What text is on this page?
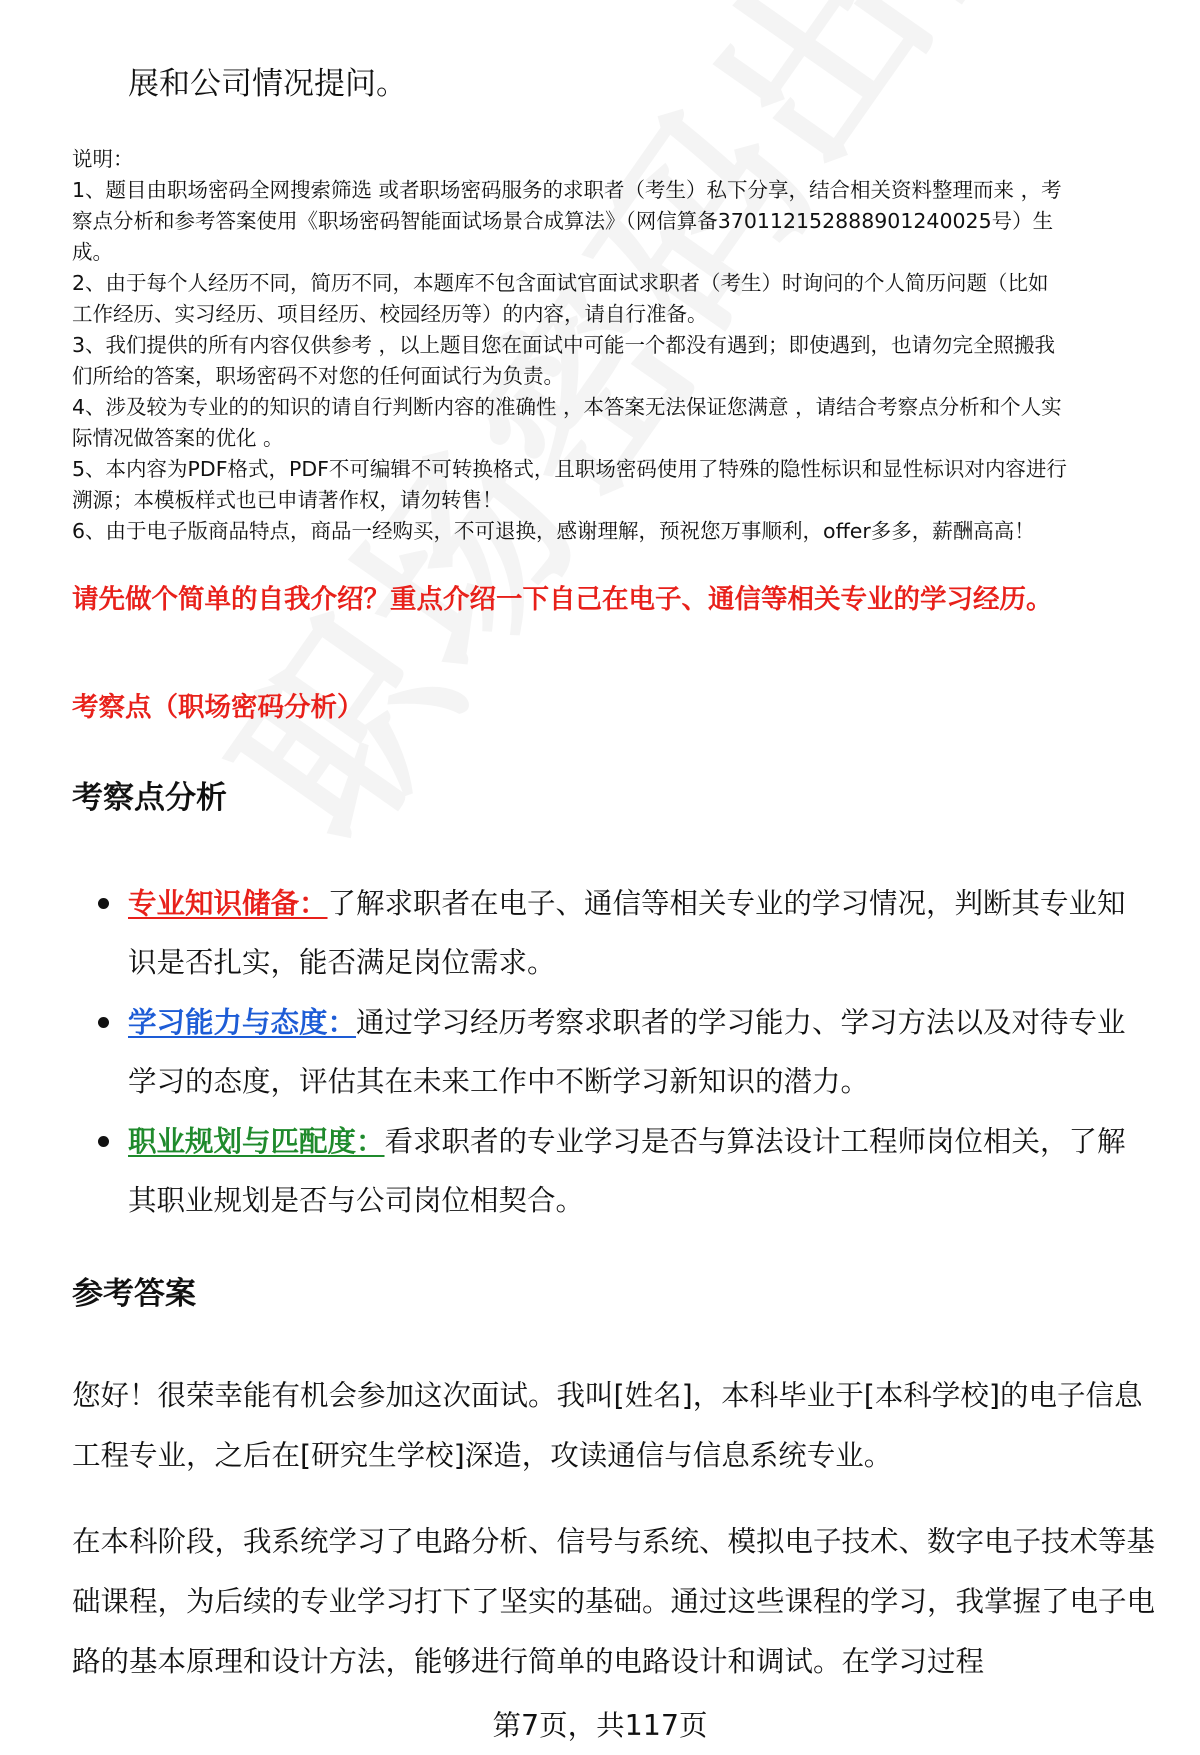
展和公司情况提问。
说明：
1、题目由职场密码全网搜索筛选 或者职场密码服务的求职者（考生）私下分享，结合相关资料整理而来 ，考
察点分析和参考答案使用《职场密码智能面试场景合成算法》（网信算备370112152888901240025号）生
成。
2、由于每个人经历不同，简历不同，本题库不包含面试官面试求职者（考生）时询问的个人简历问题（比如
工作经历、实习经历、项目经历、校园经历等）的内容，请自行准备。
3、我们提供的所有内容仅供参考 ，以上题目您在面试中可能一个都没有遇到；即使遇到，也请勿完全照搬我
们所给的答案，职场密码不对您的任何面试行为负责。
4、涉及较为专业的的知识的请自行判断内容的准确性 ，本答案无法保证您满意 ，请结合考察点分析和个人实
际情况做答案的优化 。
5、本内容为PDF格式，PDF不可编辑不可转换格式，且职场密码使用了特殊的隐性标识和显性标识对内容进行
溯源；本模板样式也已申请著作权，请勿转售！
6、由于电子版商品特点，商品一经购买，不可退换，感谢理解，预祝您万事顺利，offer多多，薪酬高高！
请先做个简单的自我介绍？重点介绍一下自己在电子、通信等相关专业的学习经历。
考察点（职场密码分析）
考察点分析
专业知识储备：了解求职者在电子、通信等相关专业的学习情况，判断其专业知识是否扎实，能否满足岗位需求。
学习能力与态度：通过学习经历考察求职者的学习能力、学习方法以及对待专业学习的态度，评估其在未来工作中不断学习新知识的潜力。
职业规划与匹配度：看求职者的专业学习是否与算法设计工程师岗位相关，了解其职业规划是否与公司岗位相契合。
参考答案

您好！很荣幸能有机会参加这次面试。我叫[姓名]，本科毕业于[本科学校]的电子信息工程专业，之后在[研究生学校]深造，攻读通信与信息系统专业。

在本科阶段，我系统学习了电路分析、信号与系统、模拟电子技术、数字电子技术等基础课程，为后续的专业学习打下了坚实的基础。通过这些课程的学习，我掌握了电子电路的基本原理和设计方法，能够进行简单的电路设计和调试。在学习过程

第7页，共117页
